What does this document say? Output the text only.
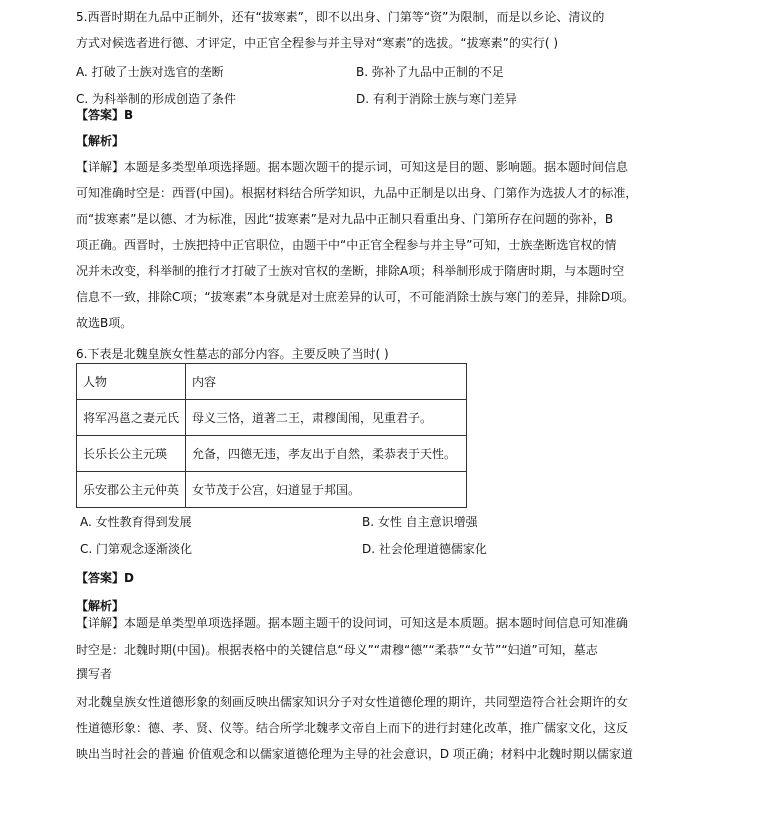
5.西晋时期在九品中正制外，还有“拔寒素”，即不以出身、门第等“资”为限制，而是以乡论、清议的
方式对候选者进行德、才评定，中正官全程参与并主导对“寒素”的选拔。“拔寒素”的实行( )
A. 打破了士族对选官的垄断	B. 弥补了九品中正制的不足
C. 为科举制的形成创造了条件	D. 有利于消除士族与寒门差异
【答案】B
【解析】
【详解】本题是多类型单项选择题。据本题次题干的提示词，可知这是目的题、影响题。据本题时间信息
可知准确时空是：西晋(中国)。根据材料结合所学知识，九品中正制是以出身、门第作为选拔人才的标准，
而“拔寒素”是以德、才为标准，因此“拔寒素”是对九品中正制只看重出身、门第所存在问题的弥补，B
项正确。西晋时，士族把持中正官职位，由题干中“中正官全程参与并主导”可知，士族垄断选官权的情
况并未改变，科举制的推行才打破了士族对官权的垄断，排除A项；科举制形成于隋唐时期，与本题时空
信息不一致，排除C项；“拔寒素”本身就是对士庶差异的认可，不可能消除士族与寒门的差异，排除D项。
故选B项。
6.下表是北魏皇族女性墓志的部分内容。主要反映了当时( )
人物	内容
将军冯邕之妻元氏	母义三恪，道著二王，肃穆闺闱，见重君子。
长乐长公主元瑛	允备，四德无违，孝友出于自然，柔恭表于天性。
乐安郡公主元仲英	女节茂于公宫，妇道显于邦国。
A. 女性教育得到发展	B. 女性 自主意识增强
C. 门第观念逐渐淡化	D. 社会伦理道德儒家化
【答案】D
【解析】
【详解】本题是单类型单项选择题。据本题主题干的设问词，可知这是本质题。据本题时间信息可知准确
时空是：北魏时期(中国)。根据表格中的关键信息“母义”“肃穆“德”“柔恭”“女节”“妇道”可知，墓志
撰写者
对北魏皇族女性道德形象的刻画反映出儒家知识分子对女性道德伦理的期许，共同塑造符合社会期许的女
性道德形象：德、孝、贤、仪等。结合所学北魏孝文帝自上而下的进行封建化改革，推广儒家文化，这反
映出当时社会的普遍 价值观念和以儒家道德伦理为主导的社会意识，D 项正确；材料中北魏时期以儒家道
